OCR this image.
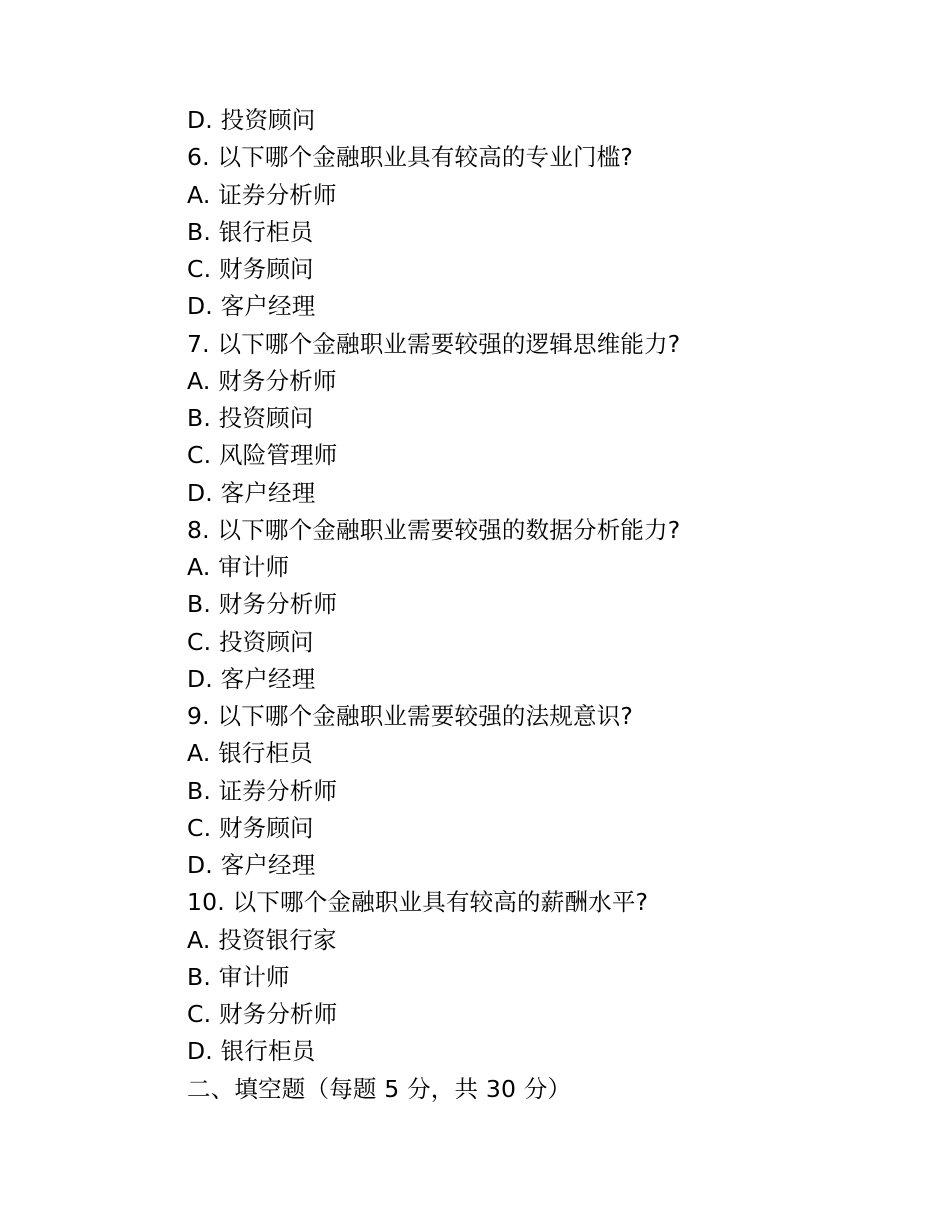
D. 投资顾问
6. 以下哪个金融职业具有较高的专业门槛?
A. 证券分析师
B. 银行柜员
C. 财务顾问
D. 客户经理
7. 以下哪个金融职业需要较强的逻辑思维能力?
A. 财务分析师
B. 投资顾问
C. 风险管理师
D. 客户经理
8. 以下哪个金融职业需要较强的数据分析能力?
A. 审计师
B. 财务分析师
C. 投资顾问
D. 客户经理
9. 以下哪个金融职业需要较强的法规意识?
A. 银行柜员
B. 证券分析师
C. 财务顾问
D. 客户经理
10. 以下哪个金融职业具有较高的薪酬水平?
A. 投资银行家
B. 审计师
C. 财务分析师
D. 银行柜员
二、填空题（每题 5 分，共 30 分）
